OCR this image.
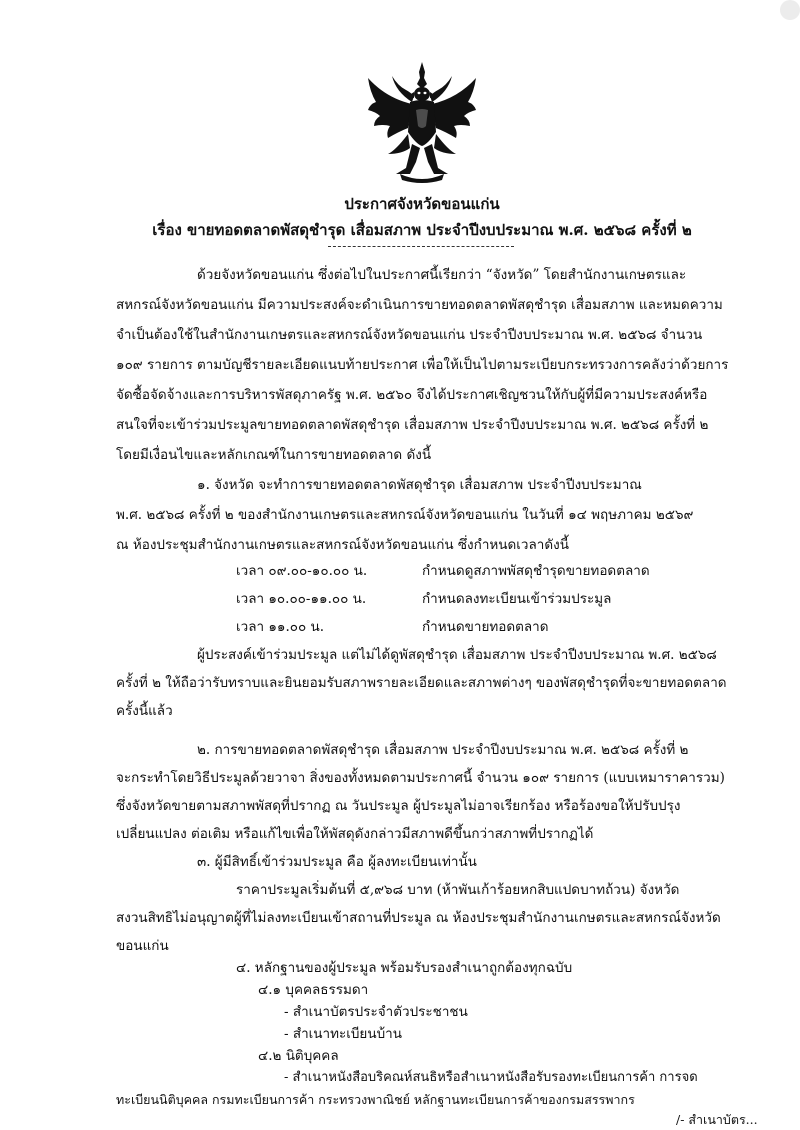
ประกาศจังหวัดขอนแก่น
เรื่อง ขายทอดตลาดพัสดุชำรุด เสื่อมสภาพ ประจำปีงบประมาณ พ.ศ. ๒๕๖๘ ครั้งที่ ๒
ด้วยจังหวัดขอนแก่น ซึ่งต่อไปในประกาศนี้เรียกว่า “จังหวัด” โดยสำนักงานเกษตรและ
สหกรณ์จังหวัดขอนแก่น มีความประสงค์จะดำเนินการขายทอดตลาดพัสดุชำรุด เสื่อมสภาพ และหมดความ
จำเป็นต้องใช้ในสำนักงานเกษตรและสหกรณ์จังหวัดขอนแก่น ประจำปีงบประมาณ พ.ศ. ๒๕๖๘ จำนวน
๑๐๙ รายการ ตามบัญชีรายละเอียดแนบท้ายประกาศ เพื่อให้เป็นไปตามระเบียบกระทรวงการคลังว่าด้วยการ
จัดซื้อจัดจ้างและการบริหารพัสดุภาครัฐ พ.ศ. ๒๕๖๐ จึงได้ประกาศเชิญชวนให้กับผู้ที่มีความประสงค์หรือ
สนใจที่จะเข้าร่วมประมูลขายทอดตลาดพัสดุชำรุด เสื่อมสภาพ ประจำปีงบประมาณ พ.ศ. ๒๕๖๘ ครั้งที่ ๒
โดยมีเงื่อนไขและหลักเกณฑ์ในการขายทอดตลาด ดังนี้
๑. จังหวัด จะทำการขายทอดตลาดพัสดุชำรุด เสื่อมสภาพ ประจำปีงบประมาณ
พ.ศ. ๒๕๖๘ ครั้งที่ ๒ ของสำนักงานเกษตรและสหกรณ์จังหวัดขอนแก่น ในวันที่ ๑๔ พฤษภาคม ๒๕๖๙
ณ ห้องประชุมสำนักงานเกษตรและสหกรณ์จังหวัดขอนแก่น ซึ่งกำหนดเวลาดังนี้
เวลา ๐๙.๐๐-๑๐.๐๐ น.	กำหนดดูสภาพพัสดุชำรุดขายทอดตลาด
เวลา ๑๐.๐๐-๑๑.๐๐ น.	กำหนดลงทะเบียนเข้าร่วมประมูล
เวลา ๑๑.๐๐ น.	กำหนดขายทอดตลาด
ผู้ประสงค์เข้าร่วมประมูล แต่ไม่ได้ดูพัสดุชำรุด เสื่อมสภาพ ประจำปีงบประมาณ พ.ศ. ๒๕๖๘
ครั้งที่ ๒ ให้ถือว่ารับทราบและยินยอมรับสภาพรายละเอียดและสภาพต่างๆ ของพัสดุชำรุดที่จะขายทอดตลาด
ครั้งนี้แล้ว
๒. การขายทอดตลาดพัสดุชำรุด เสื่อมสภาพ ประจำปีงบประมาณ พ.ศ. ๒๕๖๘ ครั้งที่ ๒
จะกระทำโดยวิธีประมูลด้วยวาจา สิ่งของทั้งหมดตามประกาศนี้ จำนวน ๑๐๙ รายการ (แบบเหมาราคารวม)
ซึ่งจังหวัดขายตามสภาพพัสดุที่ปรากฏ ณ วันประมูล ผู้ประมูลไม่อาจเรียกร้อง หรือร้องขอให้ปรับปรุง
เปลี่ยนแปลง ต่อเติม หรือแก้ไขเพื่อให้พัสดุดังกล่าวมีสภาพดีขึ้นกว่าสภาพที่ปรากฏได้
๓. ผู้มีสิทธิ์เข้าร่วมประมูล คือ ผู้ลงทะเบียนเท่านั้น
ราคาประมูลเริ่มต้นที่ ๕,๙๖๘ บาท (ห้าพันเก้าร้อยหกสิบแปดบาทถ้วน) จังหวัด
สงวนสิทธิไม่อนุญาตผู้ที่ไม่ลงทะเบียนเข้าสถานที่ประมูล ณ ห้องประชุมสำนักงานเกษตรและสหกรณ์จังหวัด
ขอนแก่น
๔. หลักฐานของผู้ประมูล พร้อมรับรองสำเนาถูกต้องทุกฉบับ
๔.๑ บุคคลธรรมดา
- สำเนาบัตรประจำตัวประชาชน
- สำเนาทะเบียนบ้าน
๔.๒ นิติบุคคล
- สำเนาหนังสือบริคณห์สนธิหรือสำเนาหนังสือรับรองทะเบียนการค้า การจด
ทะเบียนนิติบุคคล กรมทะเบียนการค้า กระทรวงพาณิชย์ หลักฐานทะเบียนการค้าของกรมสรรพากร
/- สำเนาบัตร...
